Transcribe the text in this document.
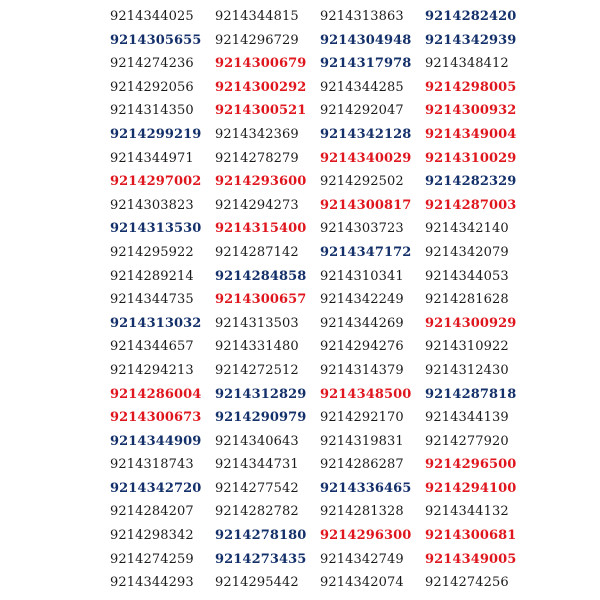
9214344025
9214305655
9214274236
9214292056
9214314350
9214299219
9214344971
9214297002
9214303823
9214313530
9214295922
9214289214
9214344735
9214313032
9214344657
9214294213
9214286004
9214300673
9214344909
9214318743
9214342720
9214284207
9214298342
9214274259
9214344293
9214344815
9214296729
9214300679
9214300292
9214300521
9214342369
9214278279
9214293600
9214294273
9214315400
9214287142
9214284858
9214300657
9214313503
9214331480
9214272512
9214312829
9214290979
9214340643
9214344731
9214277542
9214282782
9214278180
9214273435
9214295442
9214313863
9214304948
9214317978
9214344285
9214292047
9214342128
9214340029
9214292502
9214300817
9214303723
9214347172
9214310341
9214342249
9214344269
9214294276
9214314379
9214348500
9214292170
9214319831
9214286287
9214336465
9214281328
9214296300
9214342749
9214342074
9214282420
9214342939
9214348412
9214298005
9214300932
9214349004
9214310029
9214282329
9214287003
9214342140
9214342079
9214344053
9214281628
9214300929
9214310922
9214312430
9214287818
9214344139
9214277920
9214296500
9214294100
9214344132
9214300681
9214349005
9214274256
